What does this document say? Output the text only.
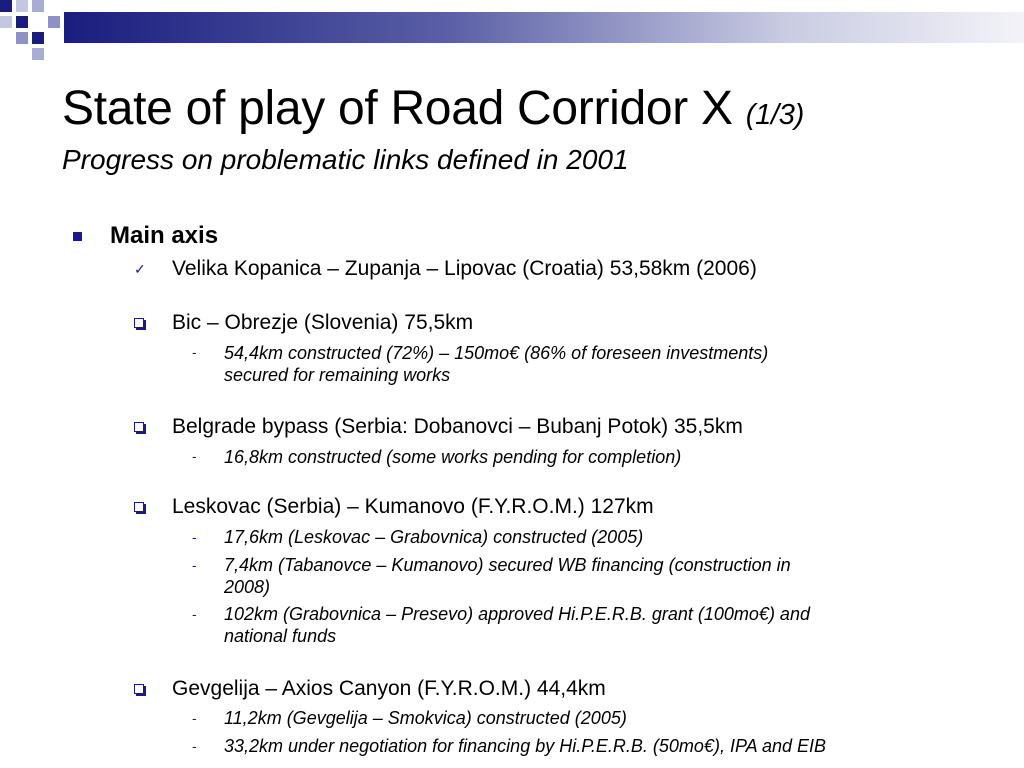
State of play of Road Corridor X (1/3)
Progress on problematic links defined in 2001
Main axis
✓ Velika Kopanica – Zupanja – Lipovac (Croatia) 53,58km (2006)
Bic – Obrezje (Slovenia) 75,5km
- 54,4km constructed (72%) – 150mo€ (86% of foreseen investments)
secured for remaining works
Belgrade bypass (Serbia: Dobanovci – Bubanj Potok) 35,5km
- 16,8km constructed (some works pending for completion)
Leskovac (Serbia) – Kumanovo (F.Y.R.O.M.) 127km
- 17,6km (Leskovac – Grabovnica) constructed (2005)
- 7,4km (Tabanovce – Kumanovo) secured WB financing (construction in
2008)
- 102km (Grabovnica – Presevo) approved Hi.P.E.R.B. grant (100mo€) and
national funds
Gevgelija – Axios Canyon (F.Y.R.O.M.) 44,4km
- 11,2km (Gevgelija – Smokvica) constructed (2005)
- 33,2km under negotiation for financing by Hi.P.E.R.B. (50mo€), IPA and EIB
